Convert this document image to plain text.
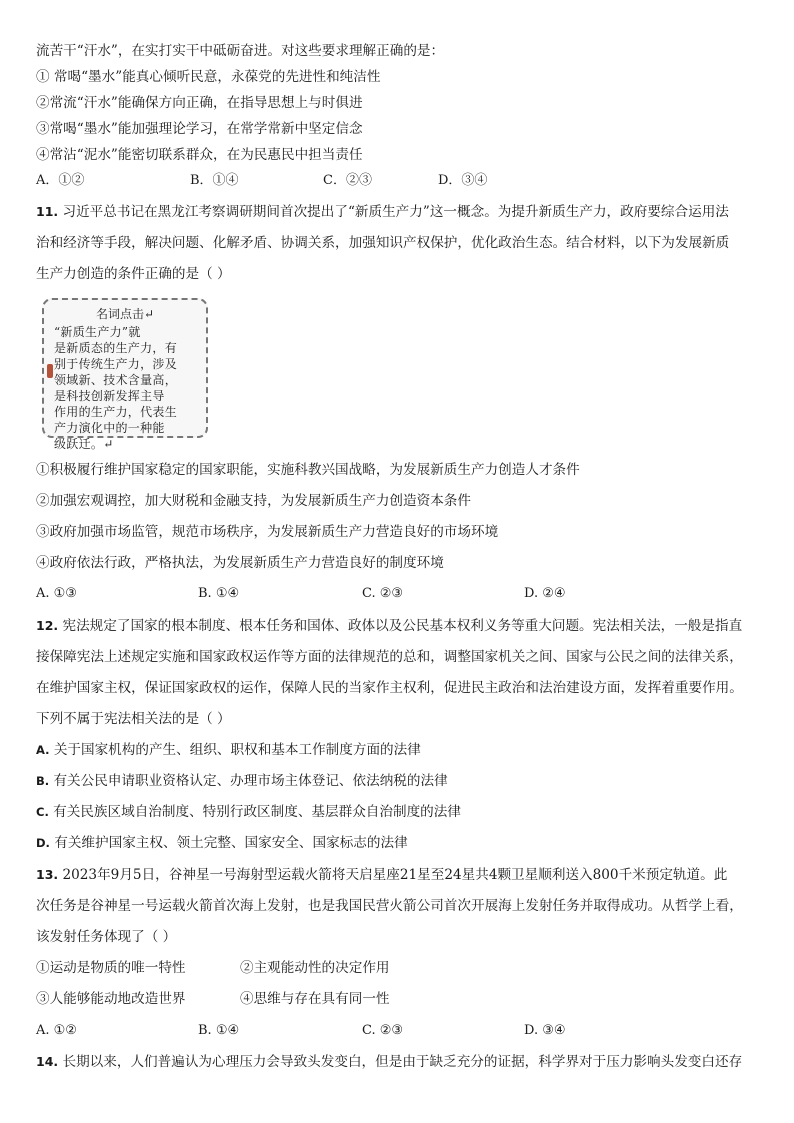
流苦干“汗水”，在实打实干中砥砺奋进。对这些要求理解正确的是：
① 常喝“墨水”能真心倾听民意，永葆党的先进性和纯洁性
②常流“汗水”能确保方向正确，在指导思想上与时俱进
③常喝“墨水”能加强理论学习，在常学常新中坚定信念
④常沾“泥水”能密切联系群众，在为民惠民中担当责任
A．①②	B．①④	C．②③	D．③④
11. 习近平总书记在黑龙江考察调研期间首次提出了“新质生产力”这一概念。为提升新质生产力，政府要综合运用法
治和经济等手段，解决问题、化解矛盾、协调关系，加强知识产权保护，优化政治生态。结合材料，以下为发展新质
生产力创造的条件正确的是（ ）
名词点击↵
“新质生产力”就
是新质态的生产力，有
别于传统生产力，涉及
领域新、技术含量高，
是科技创新发挥主导
作用的生产力，代表生
产力演化中的一种能
级跃迁。↵
①积极履行维护国家稳定的国家职能，实施科教兴国战略，为发展新质生产力创造人才条件
②加强宏观调控，加大财税和金融支持，为发展新质生产力创造资本条件
③政府加强市场监管，规范市场秩序，为发展新质生产力营造良好的市场环境
④政府依法行政，严格执法，为发展新质生产力营造良好的制度环境
A. ①③	B. ①④	C. ②③	D. ②④
12. 宪法规定了国家的根本制度、根本任务和国体、政体以及公民基本权利义务等重大问题。宪法相关法，一般是指直
接保障宪法上述规定实施和国家政权运作等方面的法律规范的总和，调整国家机关之间、国家与公民之间的法律关系，
在维护国家主权，保证国家政权的运作，保障人民的当家作主权利，促进民主政治和法治建设方面，发挥着重要作用。
下列不属于宪法相关法的是（ ）
A. 关于国家机构的产生、组织、职权和基本工作制度方面的法律
B. 有关公民申请职业资格认定、办理市场主体登记、依法纳税的法律
C. 有关民族区域自治制度、特别行政区制度、基层群众自治制度的法律
D. 有关维护国家主权、领土完整、国家安全、国家标志的法律
13. 2023年9月5日，谷神星一号海射型运载火箭将天启星座21星至24星共4颗卫星顺利送入800千米预定轨道。此
次任务是谷神星一号运载火箭首次海上发射，也是我国民营火箭公司首次开展海上发射任务并取得成功。从哲学上看，
该发射任务体现了（ ）
①运动是物质的唯一特性	②主观能动性的决定作用
③人能够能动地改造世界	④思维与存在具有同一性
A. ①②	B. ①④	C. ②③	D. ③④
14. 长期以来，人们普遍认为心理压力会导致头发变白，但是由于缺乏充分的证据，科学界对于压力影响头发变白还存
